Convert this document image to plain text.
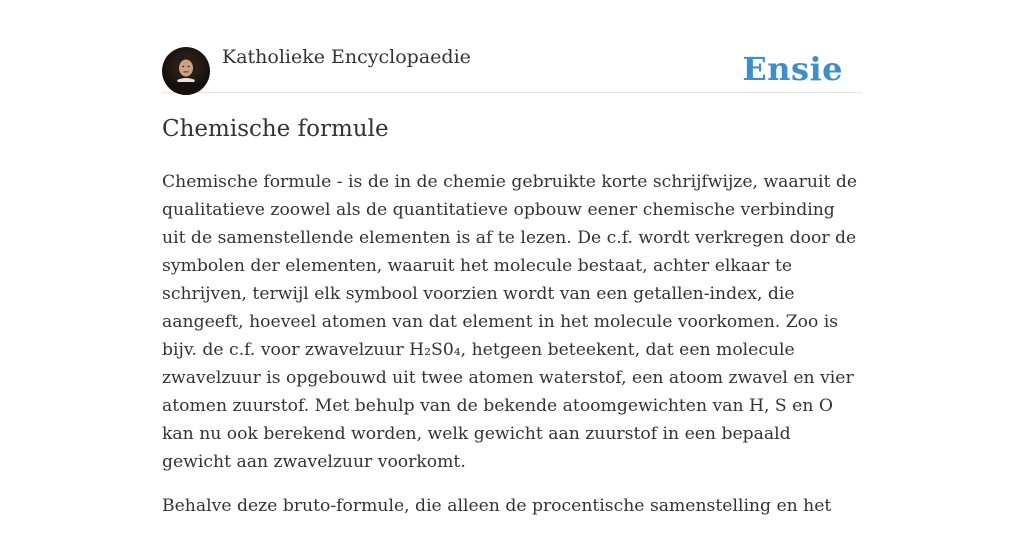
Katholieke Encyclopaedie	Ensie
Chemische formule

Chemische formule - is de in de chemie gebruikte korte schrijfwijze, waaruit de qualitatieve zoowel als de quantitatieve opbouw eener chemische verbinding uit de samenstellende elementen is af te lezen. De c.f. wordt verkregen door de symbolen der elementen, waaruit het molecule bestaat, achter elkaar te schrijven, terwijl elk symbool voorzien wordt van een getallen-index, die aangeeft, hoeveel atomen van dat element in het molecule voorkomen. Zoo is bijv. de c.f. voor zwavelzuur H₂S0₄, hetgeen beteekent, dat een molecule zwavelzuur is opgebouwd uit twee atomen waterstof, een atoom zwavel en vier atomen zuurstof. Met behulp van de bekende atoomgewichten van H, S en O kan nu ook berekend worden, welk gewicht aan zuurstof in een bepaald gewicht aan zwavelzuur voorkomt.

Behalve deze bruto-formule, die alleen de procentische samenstelling en het
